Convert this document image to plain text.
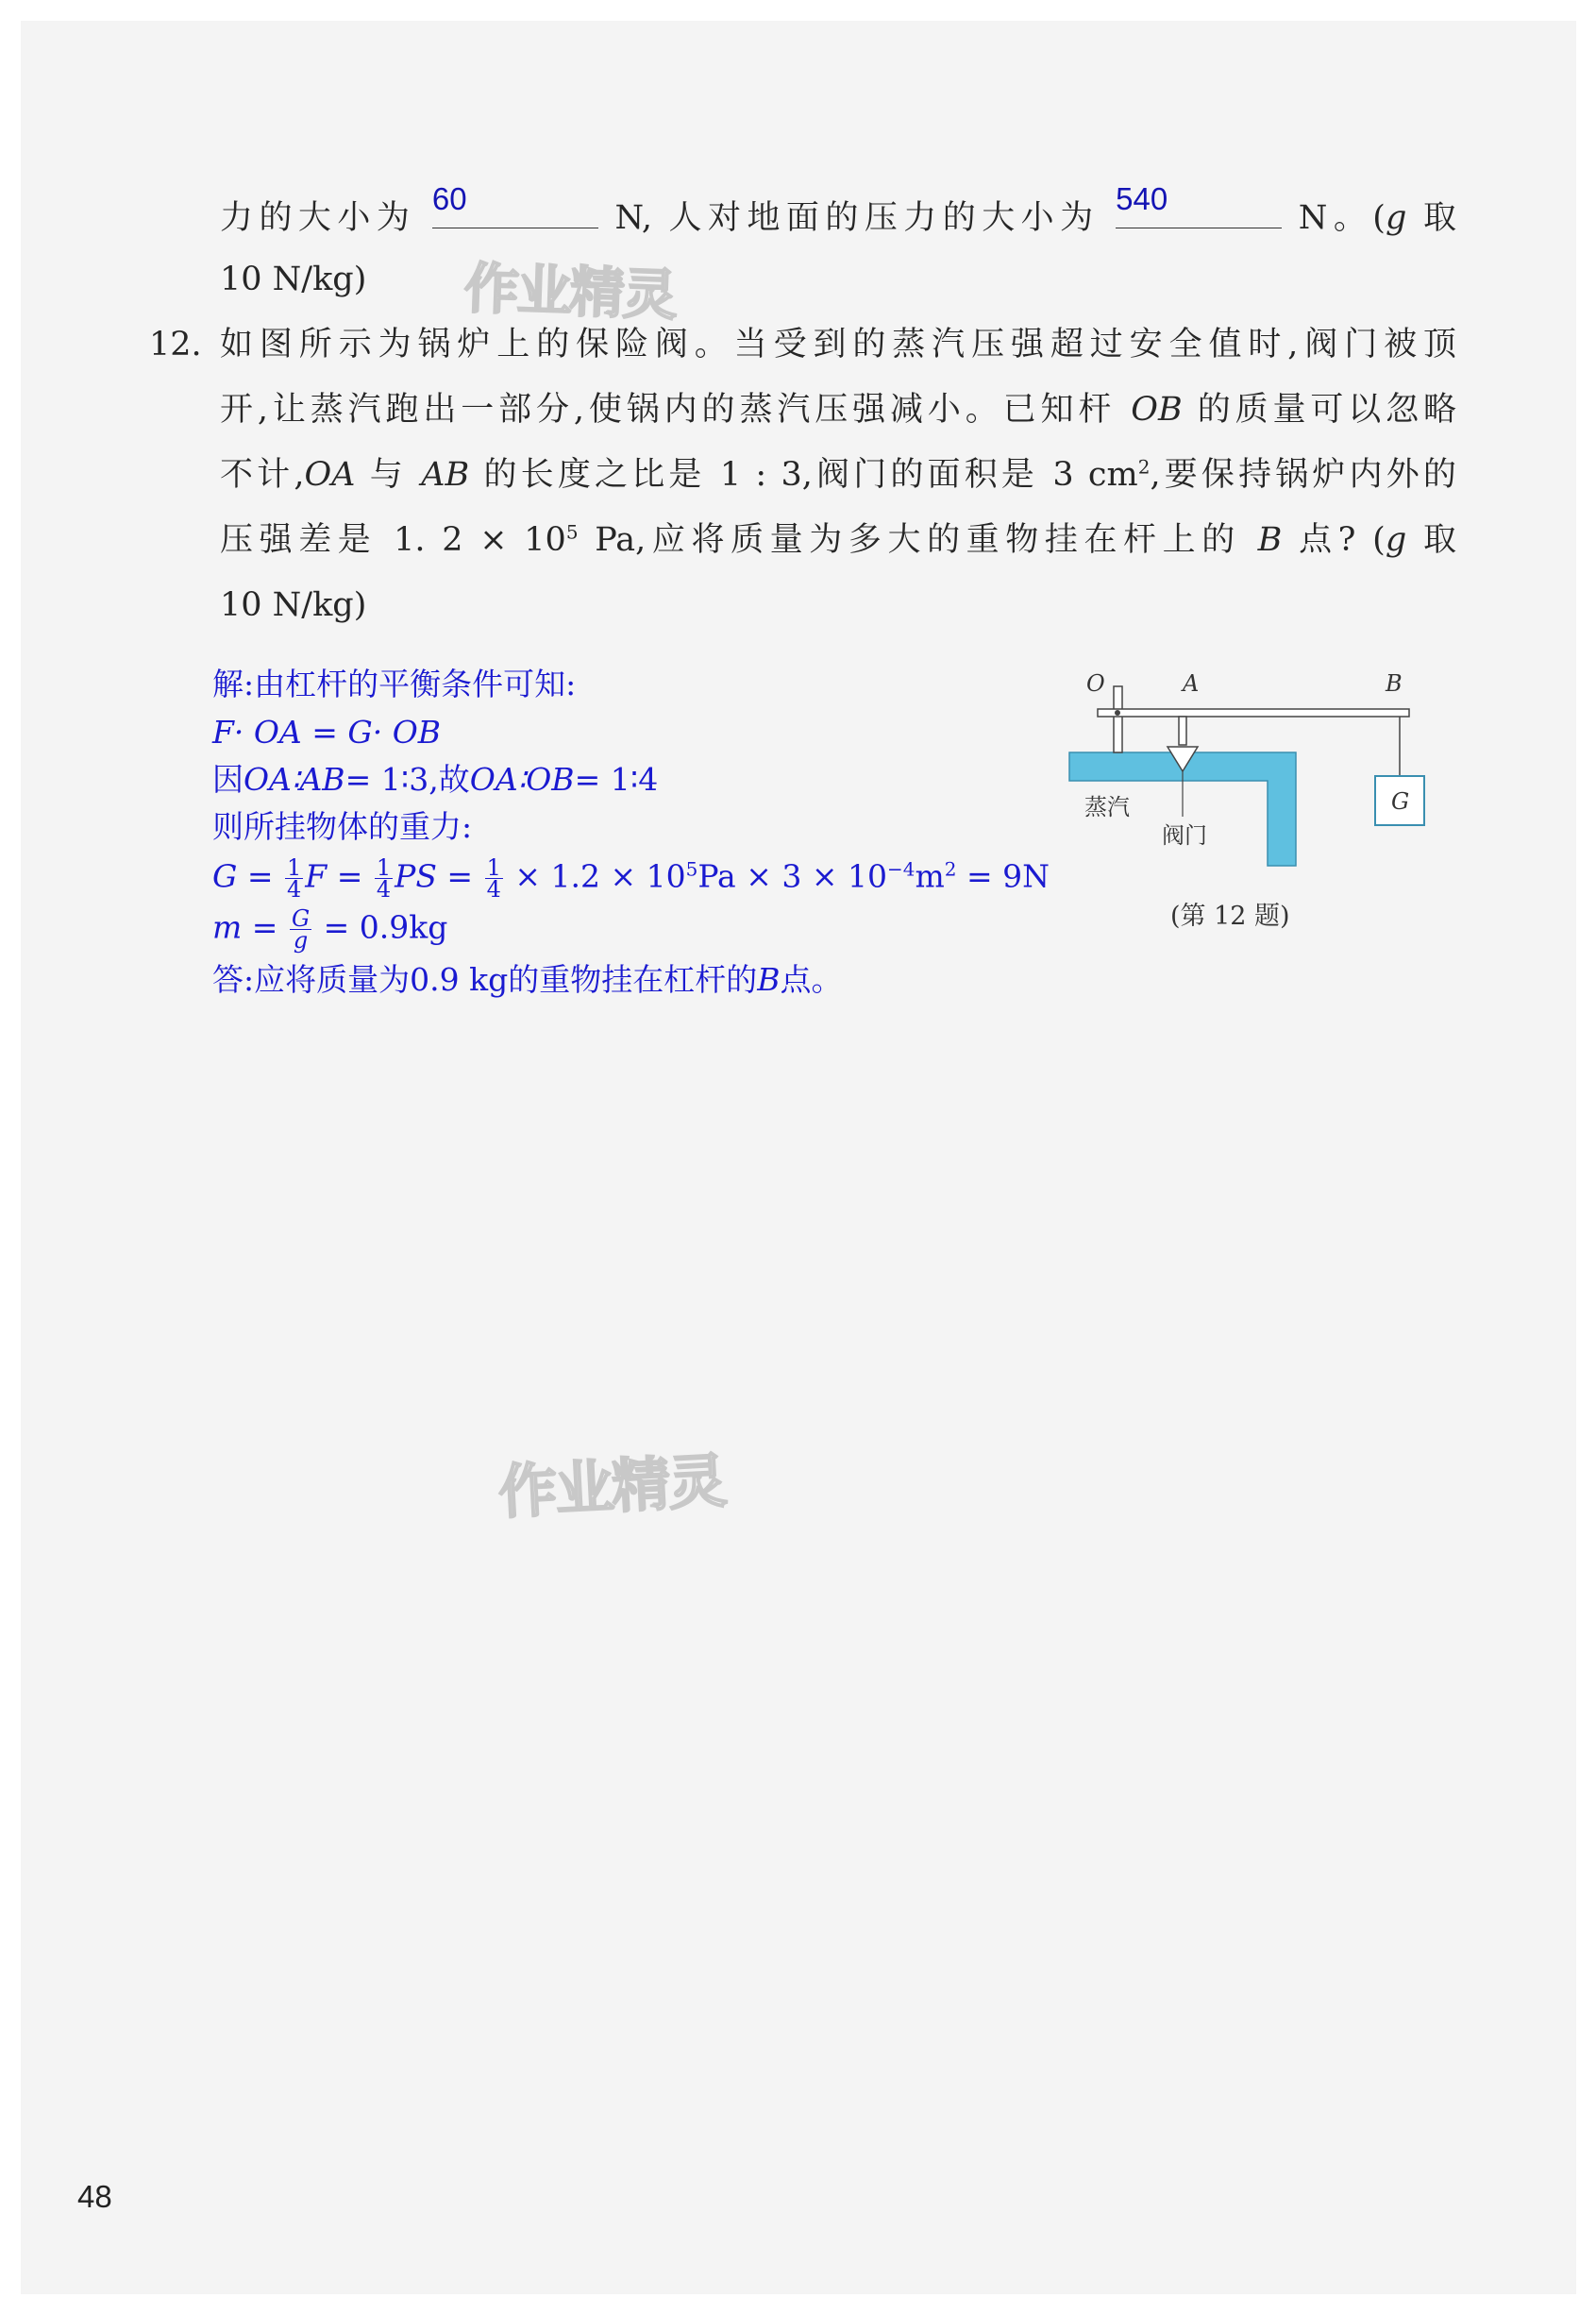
力的大小为
60
N, 人对地面的压力的大小为
540
N。(g 取
10 N/kg)	作业精灵
12. 如图所示为锅炉上的保险阀。当受到的蒸汽压强超过安全值时,阀门被顶
开,让蒸汽跑出一部分,使锅内的蒸汽压强减小。已知杆 OB 的质量可以忽略
不计,OA 与 AB 的长度之比是 1 : 3,阀门的面积是 3 $cm^2$,要保持锅炉内外的
压强差是 1. $2 \times 10^5$ Pa,应将质量为多大的重物挂在杆上的 B 点? (g 取
10 N/kg)
解:由杠杆的平衡条件可知:
F· OA = G· OB
因OA∶AB= 1∶3,故OA∶OB= 1∶4
则所挂物体的重力:
$G = \frac{1}{4}$ $F = \frac{1}{4}$ PS = $\frac{1}{4} \times 1.2 \times 10^5Pa \times 3 \times 10^{-4}m^2 = 9N$
$m = \frac{G}{g} = 0.9kg$
答:应将质量为0.9 kg的重物挂在杠杆的B点。
G
O	A	B
蒸汽
阀门
(第 12 题)
作业精灵
48
